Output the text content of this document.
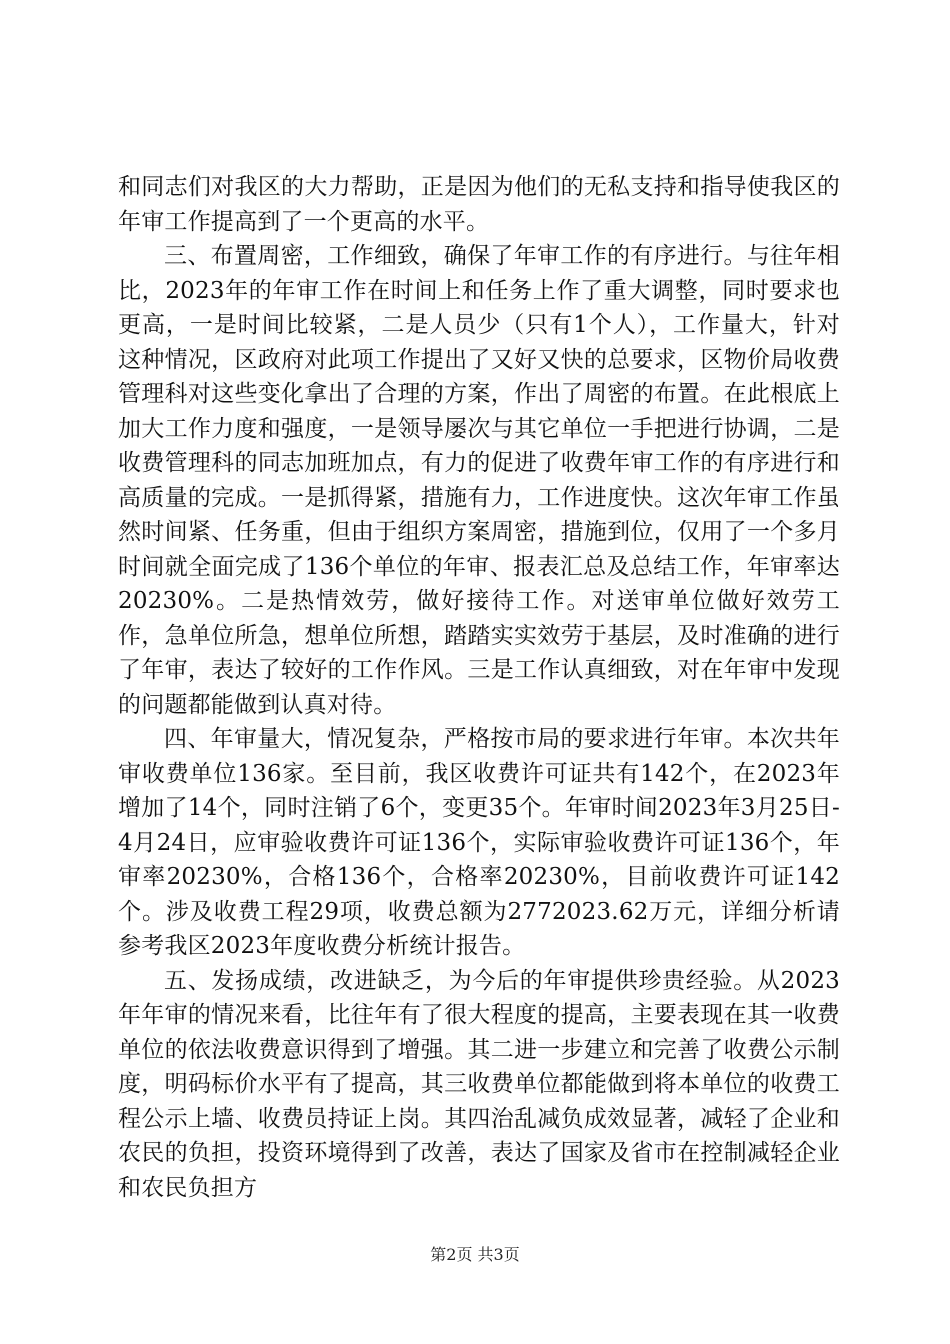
和同志们对我区的大力帮助，正是因为他们的无私支持和指导使我区的年审工作提高到了一个更高的水平。

三、布置周密，工作细致，确保了年审工作的有序进行。与往年相比，2023年的年审工作在时间上和任务上作了重大调整，同时要求也更高，一是时间比较紧，二是人员少（只有1个人），工作量大，针对这种情况，区政府对此项工作提出了又好又快的总要求，区物价局收费管理科对这些变化拿出了合理的方案，作出了周密的布置。在此根底上加大工作力度和强度，一是领导屡次与其它单位一手把进行协调，二是收费管理科的同志加班加点，有力的促进了收费年审工作的有序进行和高质量的完成。一是抓得紧，措施有力，工作进度快。这次年审工作虽然时间紧、任务重，但由于组织方案周密，措施到位，仅用了一个多月时间就全面完成了136个单位的年审、报表汇总及总结工作，年审率达20230%。二是热情效劳，做好接待工作。对送审单位做好效劳工作，急单位所急，想单位所想，踏踏实实效劳于基层，及时准确的进行了年审，表达了较好的工作作风。三是工作认真细致，对在年审中发现的问题都能做到认真对待。

四、年审量大，情况复杂，严格按市局的要求进行年审。本次共年审收费单位136家。至目前，我区收费许可证共有142个，在2023年增加了14个，同时注销了6个，变更35个。年审时间2023年3月25日-4月24日，应审验收费许可证136个，实际审验收费许可证136个，年审率20230%，合格136个，合格率20230%，目前收费许可证142个。涉及收费工程29项，收费总额为2772023.62万元，详细分析请参考我区2023年度收费分析统计报告。

五、发扬成绩，改进缺乏，为今后的年审提供珍贵经验。从2023年年审的情况来看，比往年有了很大程度的提高，主要表现在其一收费单位的依法收费意识得到了增强。其二进一步建立和完善了收费公示制度，明码标价水平有了提高，其三收费单位都能做到将本单位的收费工程公示上墙、收费员持证上岗。其四治乱减负成效显著，减轻了企业和农民的负担，投资环境得到了改善，表达了国家及省市在控制减轻企业和农民负担方

第2页 共3页
